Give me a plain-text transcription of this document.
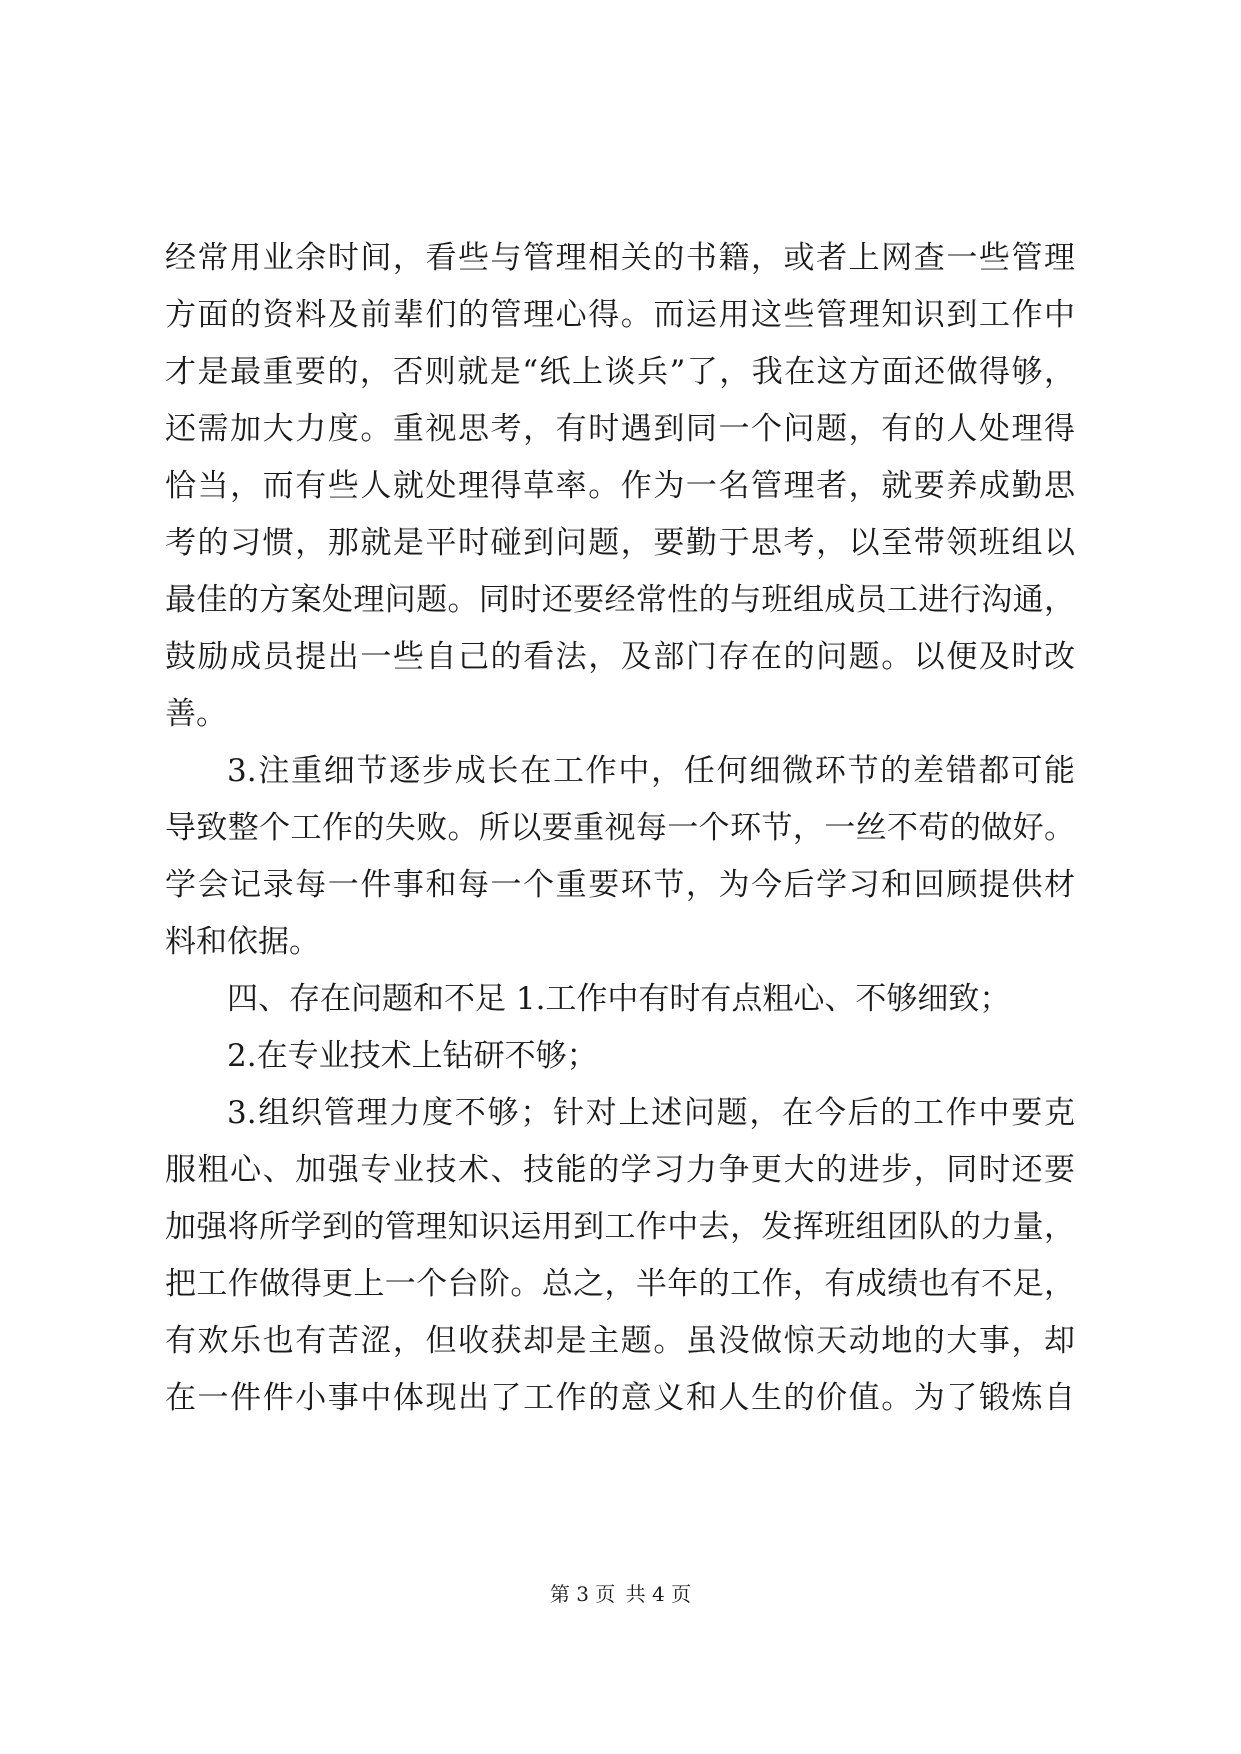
经常用业余时间，看些与管理相关的书籍，或者上网查一些管理
方面的资料及前辈们的管理心得。而运用这些管理知识到工作中
才是最重要的，否则就是“纸上谈兵”了，我在这方面还做得够，
还需加大力度。重视思考，有时遇到同一个问题，有的人处理得
恰当，而有些人就处理得草率。作为一名管理者，就要养成勤思
考的习惯，那就是平时碰到问题，要勤于思考，以至带领班组以
最佳的方案处理问题。同时还要经常性的与班组成员工进行沟通，
鼓励成员提出一些自己的看法，及部门存在的问题。以便及时改
善。
3.注重细节逐步成长在工作中，任何细微环节的差错都可能
导致整个工作的失败。所以要重视每一个环节，一丝不苟的做好。
学会记录每一件事和每一个重要环节，为今后学习和回顾提供材
料和依据。
四、存在问题和不足 1.工作中有时有点粗心、不够细致；
2.在专业技术上钻研不够；
3.组织管理力度不够；针对上述问题，在今后的工作中要克
服粗心、加强专业技术、技能的学习力争更大的进步，同时还要
加强将所学到的管理知识运用到工作中去，发挥班组团队的力量，
把工作做得更上一个台阶。总之，半年的工作，有成绩也有不足，
有欢乐也有苦涩，但收获却是主题。虽没做惊天动地的大事，却
在一件件小事中体现出了工作的意义和人生的价值。为了锻炼自
第 3 页 共 4 页
